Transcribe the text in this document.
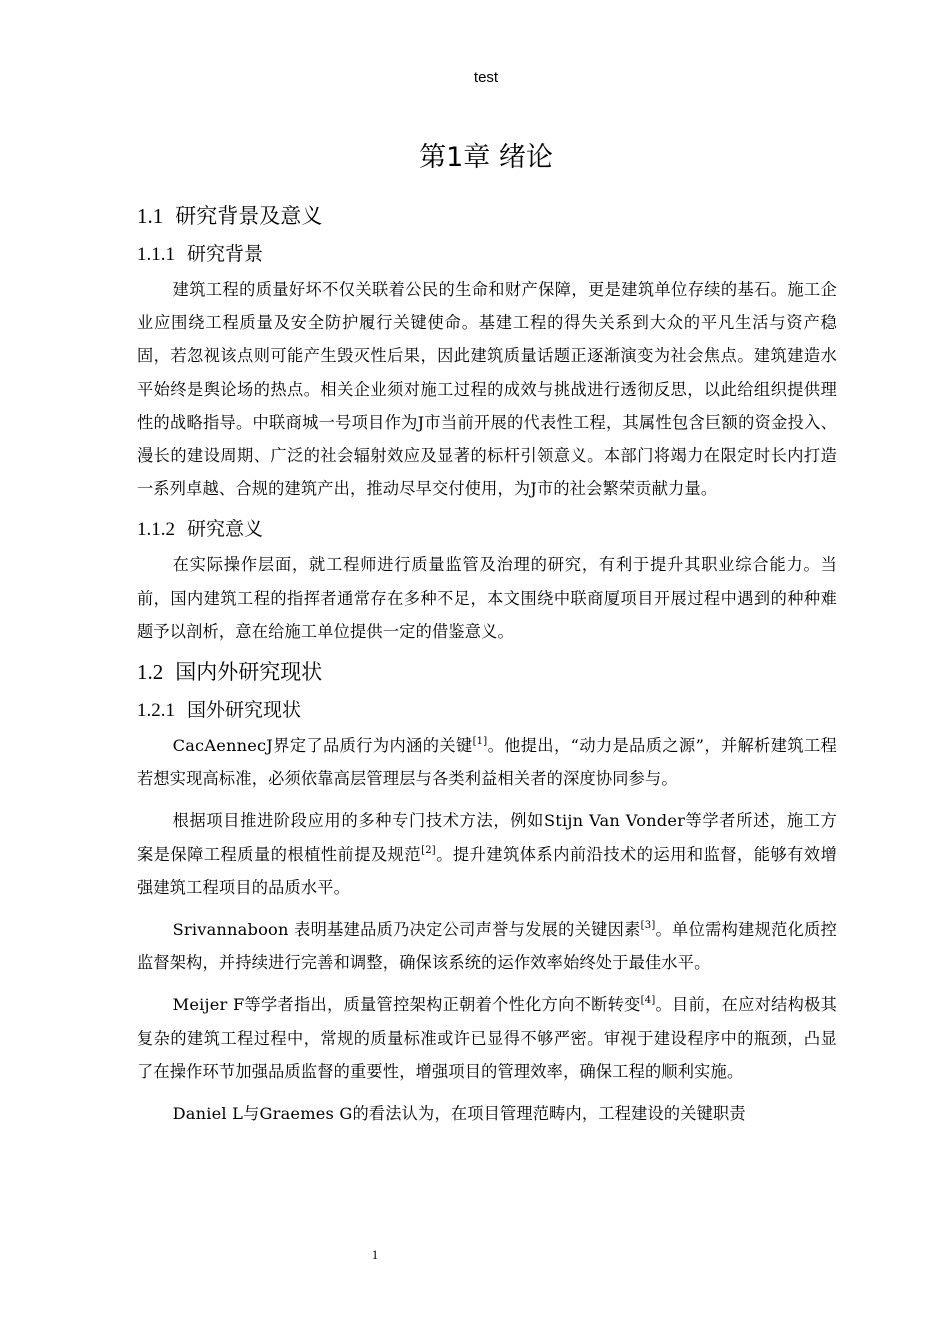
test
第1章 绪论
1.1 研究背景及意义
1.1.1 研究背景

建筑工程的质量好坏不仅关联着公民的生命和财产保障，更是建筑单位存续的基石。施工企业应围绕工程质量及安全防护履行关键使命。基建工程的得失关系到大众的平凡生活与资产稳固，若忽视该点则可能产生毁灭性后果，因此建筑质量话题正逐渐演变为社会焦点。建筑建造水平始终是舆论场的热点。相关企业须对施工过程的成效与挑战进行透彻反思，以此给组织提供理性的战略指导。中联商城一号项目作为J市当前开展的代表性工程，其属性包含巨额的资金投入、漫长的建设周期、广泛的社会辐射效应及显著的标杆引领意义。本部门将竭力在限定时长内打造一系列卓越、合规的建筑产出，推动尽早交付使用，为J市的社会繁荣贡献力量。

1.1.2 研究意义

在实际操作层面，就工程师进行质量监管及治理的研究，有利于提升其职业综合能力。当前，国内建筑工程的指挥者通常存在多种不足，本文围绕中联商厦项目开展过程中遇到的种种难题予以剖析，意在给施工单位提供一定的借鉴意义。

1.2 国内外研究现状
1.2.1 国外研究现状

CacAennecJ界定了品质行为内涵的关键[1]。他提出，“动力是品质之源”，并解析建筑工程若想实现高标准，必须依靠高层管理层与各类利益相关者的深度协同参与。

根据项目推进阶段应用的多种专门技术方法，例如Stijn Van Vonder等学者所述，施工方案是保障工程质量的根植性前提及规范[2]。提升建筑体系内前沿技术的运用和监督，能够有效增强建筑工程项目的品质水平。

Srivannaboon 表明基建品质乃决定公司声誉与发展的关键因素[3]。单位需构建规范化质控监督架构，并持续进行完善和调整，确保该系统的运作效率始终处于最佳水平。

Meijer F等学者指出，质量管控架构正朝着个性化方向不断转变[4]。目前，在应对结构极其复杂的建筑工程过程中，常规的质量标准或许已显得不够严密。审视于建设程序中的瓶颈，凸显了在操作环节加强品质监督的重要性，增强项目的管理效率，确保工程的顺利实施。

Daniel L与Graemes G的看法认为，在项目管理范畴内，工程建设的关键职责

1
